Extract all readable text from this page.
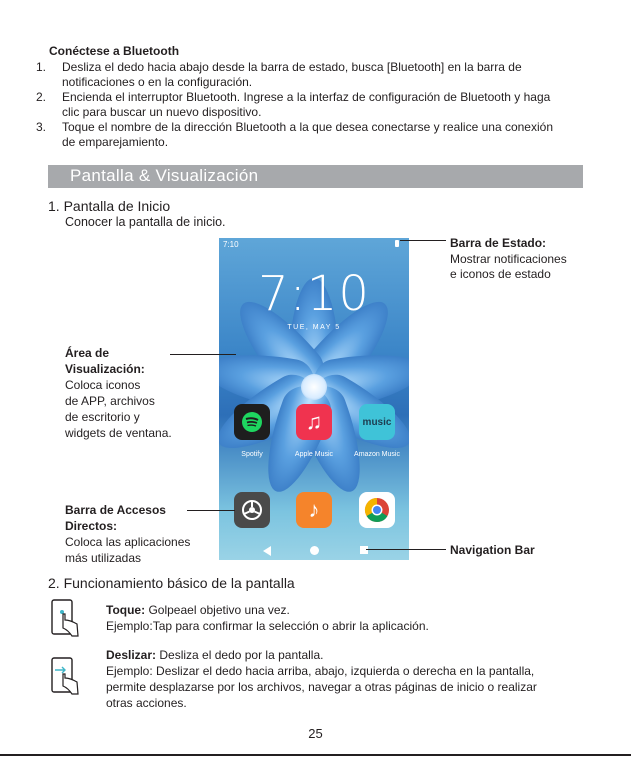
Conéctese a Bluetooth
1. Desliza el dedo hacia abajo desde la barra de estado, busca [Bluetooth] en la barra de
notificaciones o en la configuración.
2. Encienda el interruptor Bluetooth. Ingrese a la interfaz de configuración de Bluetooth y haga
clic para buscar un nuevo dispositivo.
3. Toque el nombre de la dirección Bluetooth a la que desea conectarse y realice una conexión
de emparejamiento.
Pantalla & Visualización
1. Pantalla de Inicio
Conocer la pantalla de inicio.
7:10
7:10
TUE, MAY 5
Spotify
♫
Apple Music
music
Amazon Music
♪
Barra de Estado:
Mostrar notificaciones
e iconos de estado
Área de
Visualización:
Coloca iconos
de APP, archivos
de escritorio y
widgets de ventana.
Barra de Accesos
Directos:
Coloca las aplicaciones
más utilizadas
Navigation Bar
2. Funcionamiento básico de la pantalla
Toque: Golpeael objetivo una vez.
Ejemplo:Tap para confirmar la selección o abrir la aplicación.
Deslizar: Desliza el dedo por la pantalla.
Ejemplo: Deslizar el dedo hacia arriba, abajo, izquierda o derecha en la pantalla,
permite desplazarse por los archivos, navegar a otras páginas de inicio o realizar
otras acciones.
25
